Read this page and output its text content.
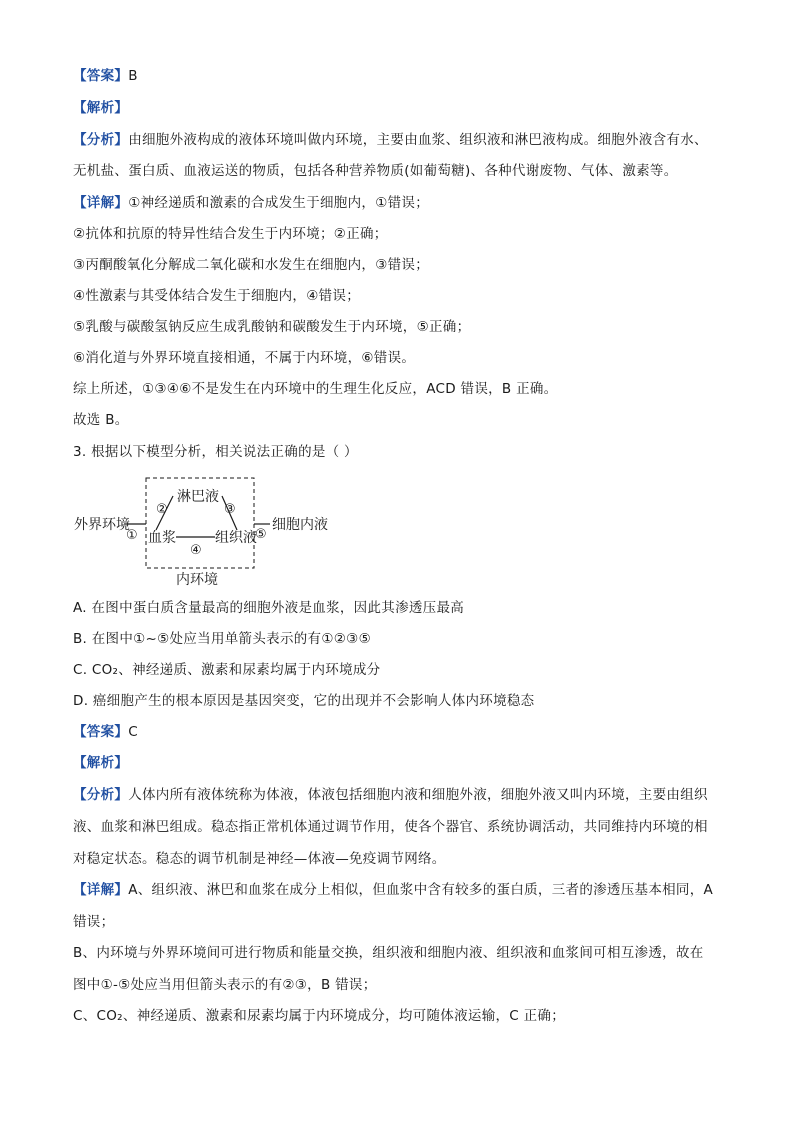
【答案】B
【解析】
【分析】由细胞外液构成的液体环境叫做内环境，主要由血浆、组织液和淋巴液构成。细胞外液含有水、
无机盐、蛋白质、血液运送的物质，包括各种营养物质(如葡萄糖)、各种代谢废物、气体、激素等。
【详解】①神经递质和激素的合成发生于细胞内，①错误；
②抗体和抗原的特异性结合发生于内环境；②正确；
③丙酮酸氧化分解成二氧化碳和水发生在细胞内，③错误；
④性激素与其受体结合发生于细胞内，④错误；
⑤乳酸与碳酸氢钠反应生成乳酸钠和碳酸发生于内环境，⑤正确；
⑥消化道与外界环境直接相通，不属于内环境，⑥错误。
综上所述，①③④⑥不是发生在内环境中的生理生化反应，ACD 错误，B 正确。
故选 B。
3. 根据以下模型分析，相关说法正确的是（ ）
外界环境
①
淋巴液
②	③
血浆
④
组织液
⑤
细胞内液
内环境
A. 在图中蛋白质含量最高的细胞外液是血浆，因此其渗透压最高
B. 在图中①~⑤处应当用单箭头表示的有①②③⑤
C. CO₂、神经递质、激素和尿素均属于内环境成分
D. 癌细胞产生的根本原因是基因突变，它的出现并不会影响人体内环境稳态
【答案】C
【解析】
【分析】人体内所有液体统称为体液，体液包括细胞内液和细胞外液，细胞外液又叫内环境，主要由组织
液、血浆和淋巴组成。稳态指正常机体通过调节作用，使各个器官、系统协调活动，共同维持内环境的相
对稳定状态。稳态的调节机制是神经—体液—免疫调节网络。
【详解】A、组织液、淋巴和血浆在成分上相似，但血浆中含有较多的蛋白质，三者的渗透压基本相同，A
错误；
B、内环境与外界环境间可进行物质和能量交换，组织液和细胞内液、组织液和血浆间可相互渗透，故在
图中①-⑤处应当用但箭头表示的有②③，B 错误；
C、CO₂、神经递质、激素和尿素均属于内环境成分，均可随体液运输，C 正确；
